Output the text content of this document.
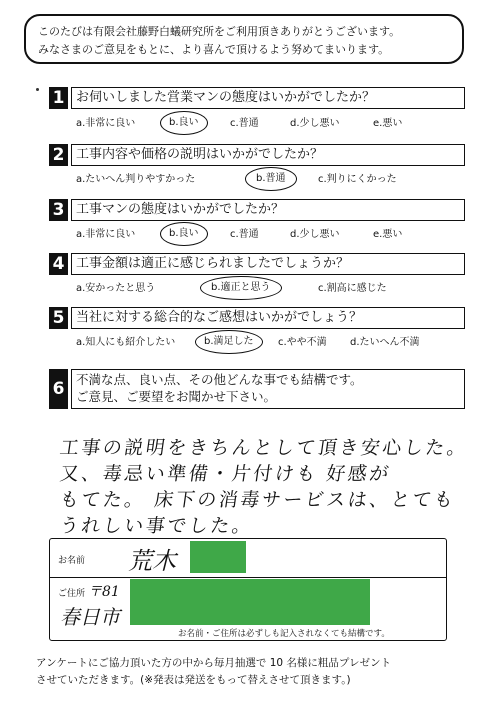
このたびは有限会社藤野白蟻研究所をご利用頂きありがとうございます。
みなさまのご意見をもとに、より喜んで頂けるよう努めてまいります。
1 お伺いしました営業マンの態度はいかがでしたか？
a.非常に良い	b.良い	c.普通	d.少し悪い	e.悪い
2 工事内容や価格の説明はいかがでしたか？
a.たいへん判りやすかった	b.普通	c.判りにくかった
3 工事マンの態度はいかがでしたか？
a.非常に良い	b.良い	c.普通	d.少し悪い	e.悪い
4 工事金額は適正に感じられましたでしょうか？
a.安かったと思う	b.適正と思う	c.割高に感じた
5 当社に対する総合的なご感想はいかがでしょう？
a.知人にも紹介したい	b.満足した	c.やや不満 d.たいへん不満
6 不満な点、良い点、その他どんな事でも結構です。
ご意見、ご要望をお聞かせ下さい。
工事の説明をきちんとして頂き安心した。
又、毒忌い準備・片付けも 好感が
もてた。 床下の消毒サービスは、とても
うれしい事でした。
お名前 荒木
ご住所 〒81
春日市
お名前・ご住所は必ずしも記入されなくても結構です。
アンケートにご協力頂いた方の中から毎月抽選で 10 名様に粗品プレゼント
させていただきます。(※発表は発送をもって替えさせて頂きます。)
